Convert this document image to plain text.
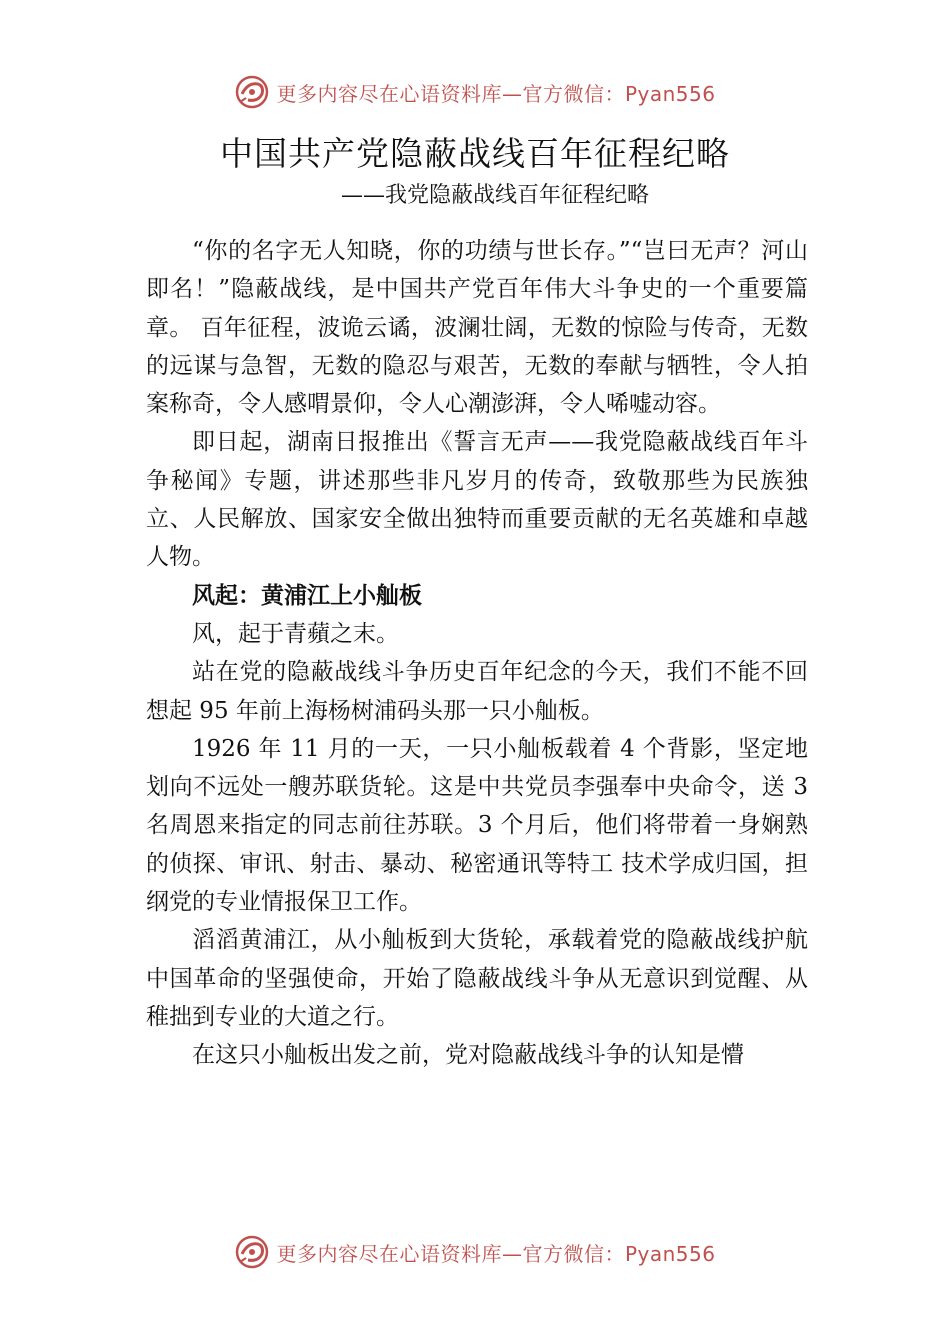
更多内容尽在心语资料库—官方微信：Pyan556
中国共产党隐蔽战线百年征程纪略
——我党隐蔽战线百年征程纪略

“你的名字无人知晓，你的功绩与世长存。”“岂曰无声？河山即名！”隐蔽战线，是中国共产党百年伟大斗争史的一个重要篇章。 百年征程，波诡云谲，波澜壮阔，无数的惊险与传奇，无数的远谋与急智，无数的隐忍与艰苦，无数的奉献与牺牲，令人拍案称奇，令人感喟景仰，令人心潮澎湃，令人唏嘘动容。

即日起，湖南日报推出《誓言无声——我党隐蔽战线百年斗争秘闻》专题，讲述那些非凡岁月的传奇，致敬那些为民族独立、人民解放、国家安全做出独特而重要贡献的无名英雄和卓越人物。

风起：黄浦江上小舢板

风，起于青蘋之末。

站在党的隐蔽战线斗争历史百年纪念的今天，我们不能不回想起 95 年前上海杨树浦码头那一只小舢板。

1926 年 11 月的一天，一只小舢板载着 4 个背影，坚定地划向不远处一艘苏联货轮。这是中共党员李强奉中央命令，送 3 名周恩来指定的同志前往苏联。3 个月后，他们将带着一身娴熟的侦探、审讯、射击、暴动、秘密通讯等特工 技术学成归国，担纲党的专业情报保卫工作。

滔滔黄浦江，从小舢板到大货轮，承载着党的隐蔽战线护航中国革命的坚强使命，开始了隐蔽战线斗争从无意识到觉醒、从稚拙到专业的大道之行。

在这只小舢板出发之前，党对隐蔽战线斗争的认知是懵

更多内容尽在心语资料库—官方微信：Pyan556
